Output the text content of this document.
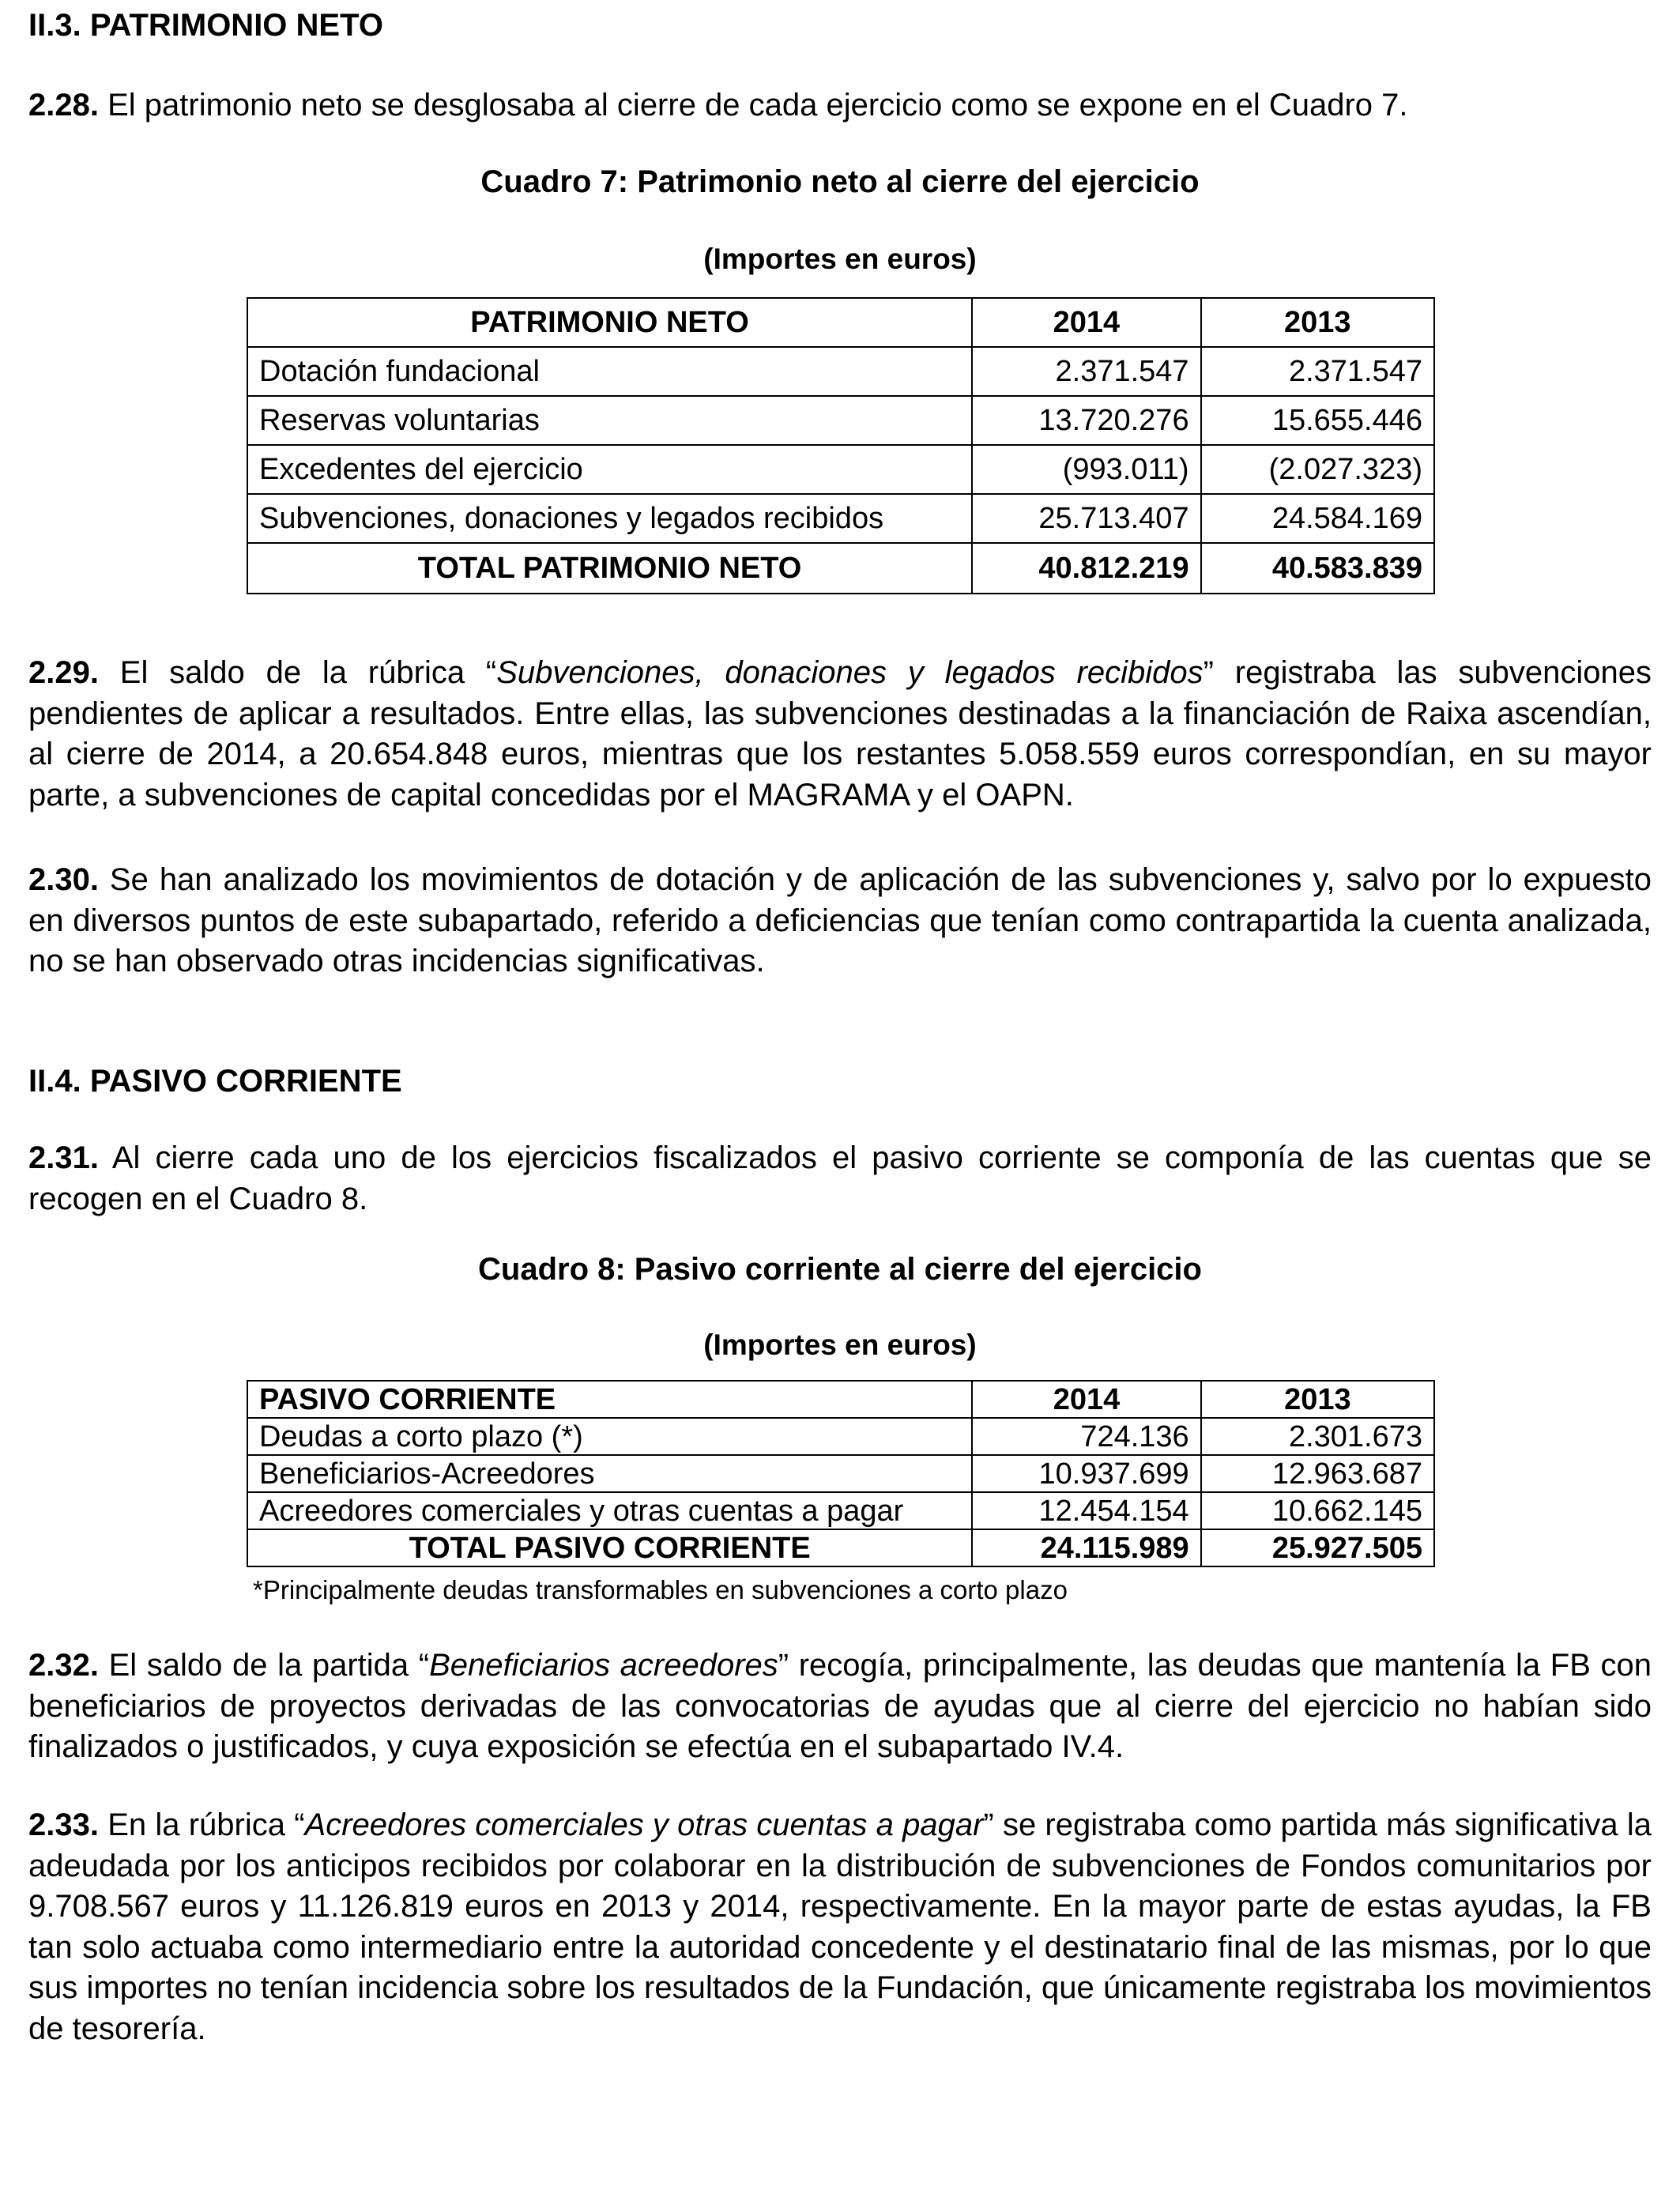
II.3. PATRIMONIO NETO
2.28. El patrimonio neto se desglosaba al cierre de cada ejercicio como se expone en el Cuadro 7.
Cuadro 7: Patrimonio neto al cierre del ejercicio
(Importes en euros)
PATRIMONIO NETO	2014	2013
Dotación fundacional	2.371.547	2.371.547
Reservas voluntarias	13.720.276	15.655.446
Excedentes del ejercicio	(993.011)	(2.027.323)
Subvenciones, donaciones y legados recibidos	25.713.407	24.584.169
TOTAL PATRIMONIO NETO	40.812.219	40.583.839
2.29. El saldo de la rúbrica “Subvenciones, donaciones y legados recibidos” registraba las subvenciones pendientes de aplicar a resultados. Entre ellas, las subvenciones destinadas a la financiación de Raixa ascendían, al cierre de 2014, a 20.654.848 euros, mientras que los restantes 5.058.559 euros correspondían, en su mayor parte, a subvenciones de capital concedidas por el MAGRAMA y el OAPN.
2.30. Se han analizado los movimientos de dotación y de aplicación de las subvenciones y, salvo por lo expuesto en diversos puntos de este subapartado, referido a deficiencias que tenían como contrapartida la cuenta analizada, no se han observado otras incidencias significativas.
II.4. PASIVO CORRIENTE
2.31. Al cierre cada uno de los ejercicios fiscalizados el pasivo corriente se componía de las cuentas que se recogen en el Cuadro 8.
Cuadro 8: Pasivo corriente al cierre del ejercicio
(Importes en euros)
PASIVO CORRIENTE	2014	2013
Deudas a corto plazo (*)	724.136	2.301.673
Beneficiarios-Acreedores	10.937.699	12.963.687
Acreedores comerciales y otras cuentas a pagar	12.454.154	10.662.145
TOTAL PASIVO CORRIENTE	24.115.989	25.927.505
*Principalmente deudas transformables en subvenciones a corto plazo
2.32. El saldo de la partida “Beneficiarios acreedores” recogía, principalmente, las deudas que mantenía la FB con beneficiarios de proyectos derivadas de las convocatorias de ayudas que al cierre del ejercicio no habían sido finalizados o justificados, y cuya exposición se efectúa en el subapartado IV.4.
2.33. En la rúbrica “Acreedores comerciales y otras cuentas a pagar” se registraba como partida más significativa la adeudada por los anticipos recibidos por colaborar en la distribución de subvenciones de Fondos comunitarios por 9.708.567 euros y 11.126.819 euros en 2013 y 2014, respectivamente. En la mayor parte de estas ayudas, la FB tan solo actuaba como intermediario entre la autoridad concedente y el destinatario final de las mismas, por lo que sus importes no tenían incidencia sobre los resultados de la Fundación, que únicamente registraba los movimientos de tesorería.
